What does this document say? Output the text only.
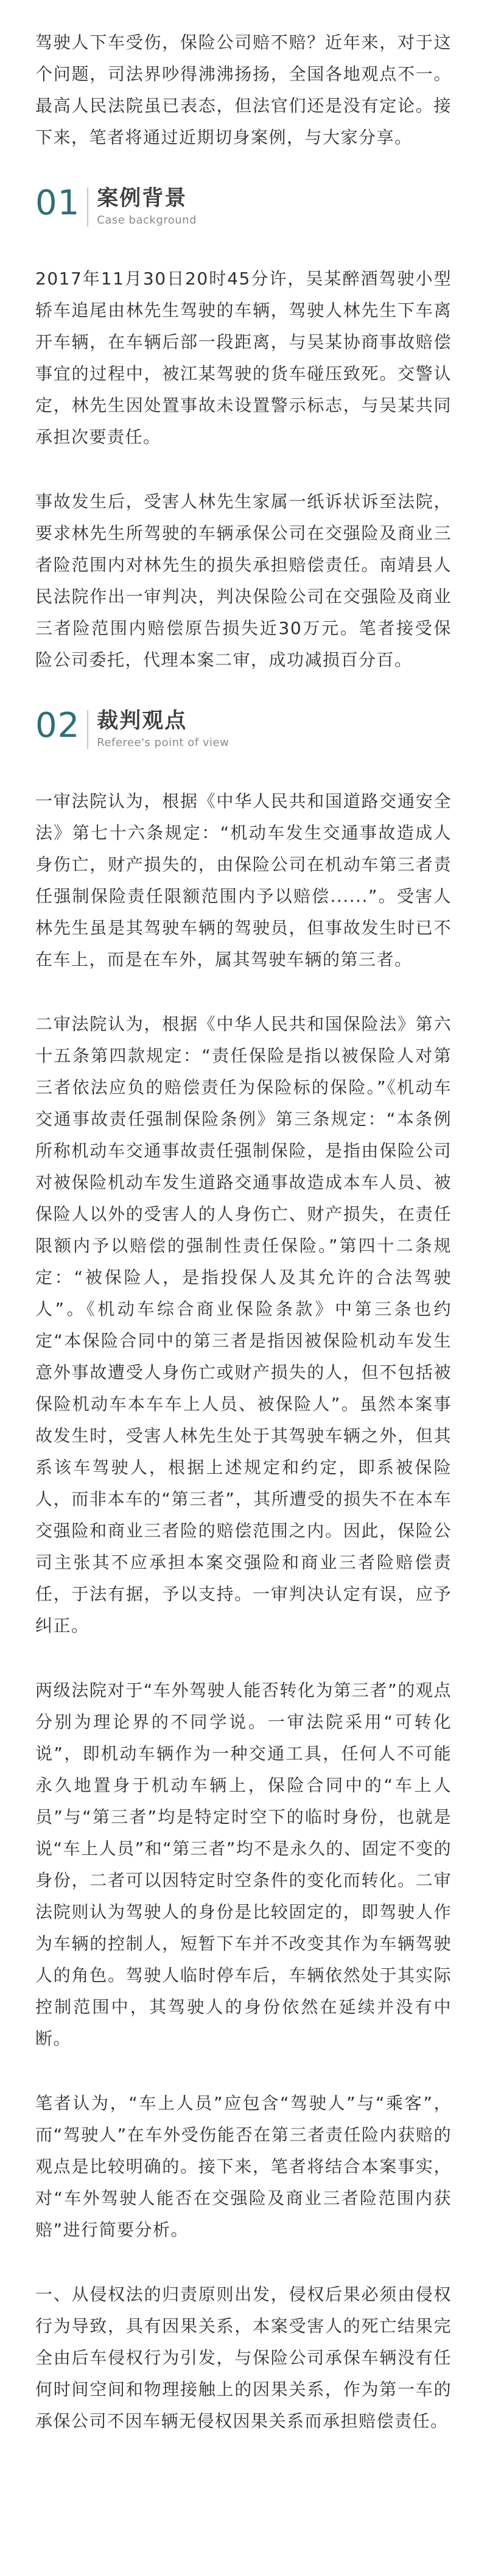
驾驶人下车受伤，保险公司赔不赔？近年来，对于这个问题，司法界吵得沸沸扬扬，全国各地观点不一。最高人民法院虽已表态，但法官们还是没有定论。接下来，笔者将通过近期切身案例，与大家分享。

01 案例背景
Case background

2017年11月30日20时45分许，吴某醉酒驾驶小型轿车追尾由林先生驾驶的车辆，驾驶人林先生下车离开车辆，在车辆后部一段距离，与吴某协商事故赔偿事宜的过程中，被江某驾驶的货车碰压致死。交警认定，林先生因处置事故未设置警示标志，与吴某共同承担次要责任。

事故发生后，受害人林先生家属一纸诉状诉至法院，要求林先生所驾驶的车辆承保公司在交强险及商业三者险范围内对林先生的损失承担赔偿责任。南靖县人民法院作出一审判决，判决保险公司在交强险及商业三者险范围内赔偿原告损失近30万元。笔者接受保险公司委托，代理本案二审，成功减损百分百。

02 裁判观点
Referee's point of view

一审法院认为，根据《中华人民共和国道路交通安全法》第七十六条规定：“机动车发生交通事故造成人身伤亡，财产损失的，由保险公司在机动车第三者责任强制保险责任限额范围内予以赔偿......”。受害人林先生虽是其驾驶车辆的驾驶员，但事故发生时已不在车上，而是在车外，属其驾驶车辆的第三者。

二审法院认为，根据《中华人民共和国保险法》第六十五条第四款规定：“责任保险是指以被保险人对第三者依法应负的赔偿责任为保险标的保险。”《机动车交通事故责任强制保险条例》第三条规定：“本条例所称机动车交通事故责任强制保险，是指由保险公司对被保险机动车发生道路交通事故造成本车人员、被保险人以外的受害人的人身伤亡、财产损失，在责任限额内予以赔偿的强制性责任保险。”第四十二条规定：“被保险人，是指投保人及其允许的合法驾驶人”。《机动车综合商业保险条款》中第三条也约定“本保险合同中的第三者是指因被保险机动车发生意外事故遭受人身伤亡或财产损失的人，但不包括被保险机动车本车车上人员、被保险人”。虽然本案事故发生时，受害人林先生处于其驾驶车辆之外，但其系该车驾驶人，根据上述规定和约定，即系被保险人，而非本车的“第三者”，其所遭受的损失不在本车交强险和商业三者险的赔偿范围之内。因此，保险公司主张其不应承担本案交强险和商业三者险赔偿责任，于法有据，予以支持。一审判决认定有误，应予纠正。

两级法院对于“车外驾驶人能否转化为第三者”的观点分别为理论界的不同学说。一审法院采用“可转化说”，即机动车辆作为一种交通工具，任何人不可能永久地置身于机动车辆上，保险合同中的“车上人员”与“第三者”均是特定时空下的临时身份，也就是说“车上人员”和“第三者”均不是永久的、固定不变的身份，二者可以因特定时空条件的变化而转化。二审法院则认为驾驶人的身份是比较固定的，即驾驶人作为车辆的控制人，短暂下车并不改变其作为车辆驾驶人的角色。驾驶人临时停车后，车辆依然处于其实际控制范围中，其驾驶人的身份依然在延续并没有中断。

笔者认为，“车上人员”应包含“驾驶人”与“乘客”，而“驾驶人”在车外受伤能否在第三者责任险内获赔的观点是比较明确的。接下来，笔者将结合本案事实，对“车外驾驶人能否在交强险及商业三者险范围内获赔”进行简要分析。

一、从侵权法的归责原则出发，侵权后果必须由侵权行为导致，具有因果关系，本案受害人的死亡结果完全由后车侵权行为引发，与保险公司承保车辆没有任何时间空间和物理接触上的因果关系，作为第一车的承保公司不因车辆无侵权因果关系而承担赔偿责任。
